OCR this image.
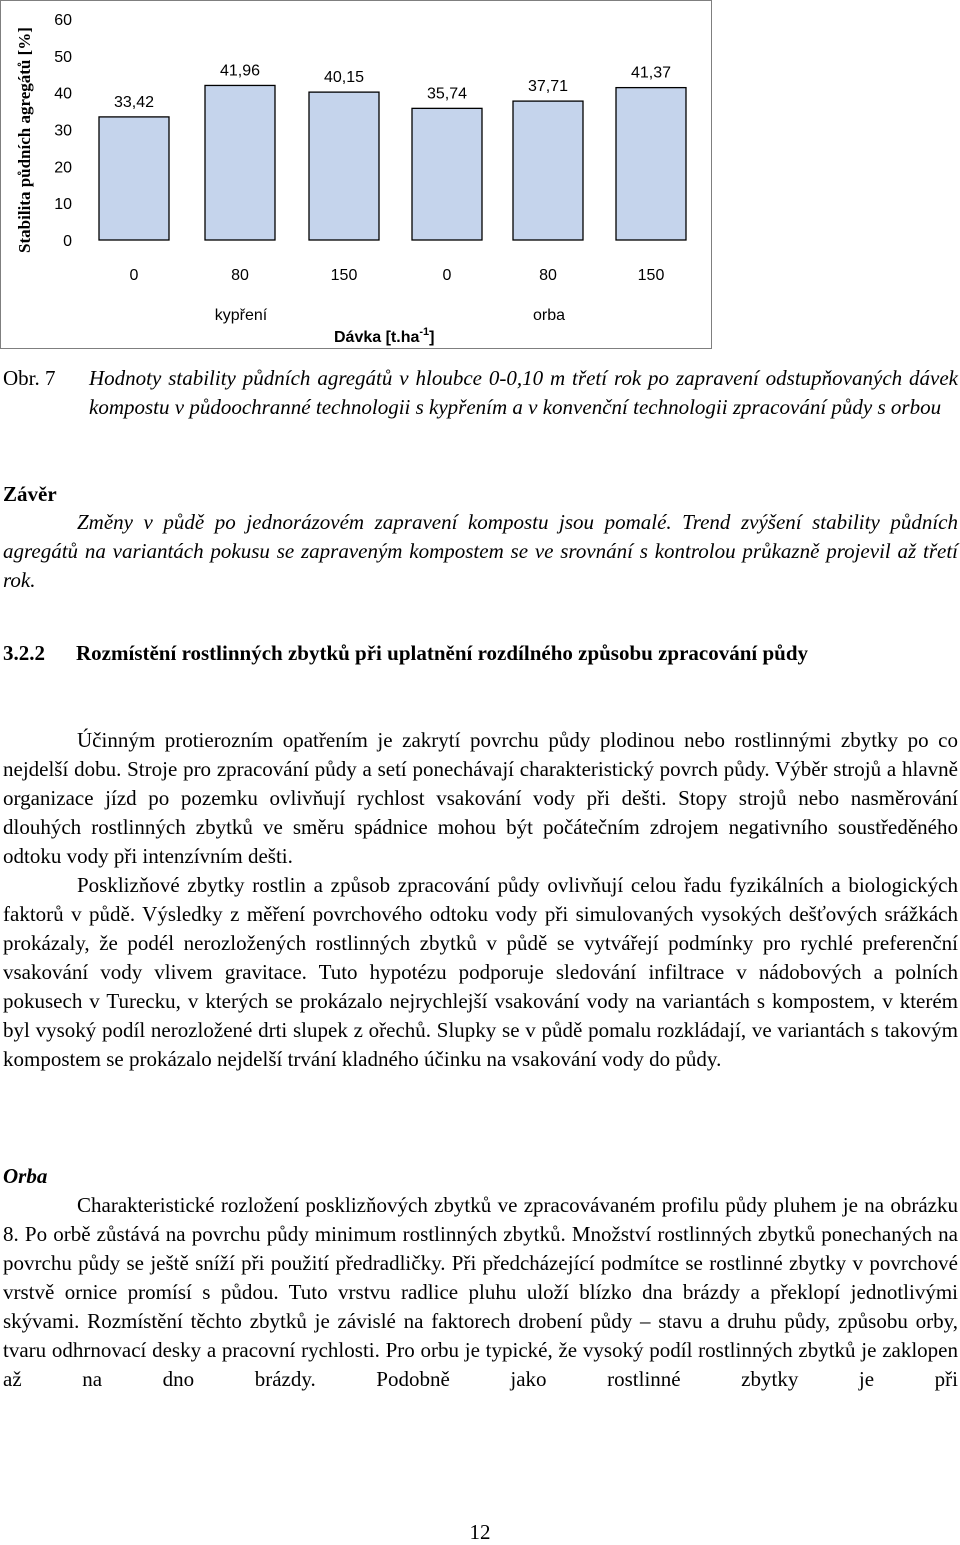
Stabilita půdních agregátů [%] 0
10
20
30
40
50
60
33,42
41,96	40,15
35,74	37,71
41,37
0	80	150	0	80	150
kypření	orba
Dávka $[t.ha^{-1}]$
Obr. 7 Hodnoty stability půdních agregátů v hloubce 0-0,10 m třetí rok po zapravení odstupňovaných dávek kompostu v půdoochranné technologii s kypřením a v konvenční technologii zpracování půdy s orbou
Závěr
Změny v půdě po jednorázovém zapravení kompostu jsou pomalé. Trend zvýšení stability půdních agregátů na variantách pokusu se zapraveným kompostem se ve srovnání s kontrolou průkazně projevil až třetí rok.
3.2.2 Rozmístění rostlinných zbytků při uplatnění rozdílného způsobu zpracování půdy
Účinným protierozním opatřením je zakrytí povrchu půdy plodinou nebo rostlinnými zbytky po co nejdelší dobu. Stroje pro zpracování půdy a setí ponechávají charakteristický povrch půdy. Výběr strojů a hlavně organizace jízd po pozemku ovlivňují rychlost vsakování vody při dešti. Stopy strojů nebo nasměrování dlouhých rostlinných zbytků ve směru spádnice mohou být počátečním zdrojem negativního soustředěného odtoku vody při intenzívním dešti.
Posklizňové zbytky rostlin a způsob zpracování půdy ovlivňují celou řadu fyzikálních a biologických faktorů v půdě. Výsledky z měření povrchového odtoku vody při simulovaných vysokých dešťových srážkách prokázaly, že podél nerozložených rostlinných zbytků v půdě se vytvářejí podmínky pro rychlé preferenční vsakování vody vlivem gravitace. Tuto hypotézu podporuje sledování infiltrace v nádobových a polních pokusech v Turecku, v kterých se prokázalo nejrychlejší vsakování vody na variantách s kompostem, v kterém byl vysoký podíl nerozložené drti slupek z ořechů. Slupky se v půdě pomalu rozkládají, ve variantách s takovým kompostem se prokázalo nejdelší trvání kladného účinku na vsakování vody do půdy.
Orba
Charakteristické rozložení posklizňových zbytků ve zpracovávaném profilu půdy pluhem je na obrázku 8. Po orbě zůstává na povrchu půdy minimum rostlinných zbytků. Množství rostlinných zbytků ponechaných na povrchu půdy se ještě sníží při použití předradličky. Při předcházející podmítce se rostlinné zbytky v povrchové vrstvě ornice promísí s půdou. Tuto vrstvu radlice pluhu uloží blízko dna brázdy a překlopí jednotlivými skývami. Rozmístění těchto zbytků je závislé na faktorech drobení půdy – stavu a druhu půdy, způsobu orby, tvaru odhrnovací desky a pracovní rychlosti. Pro orbu je typické, že vysoký podíl rostlinných zbytků je zaklopen až na dno brázdy. Podobně jako rostlinné zbytky je při
12
